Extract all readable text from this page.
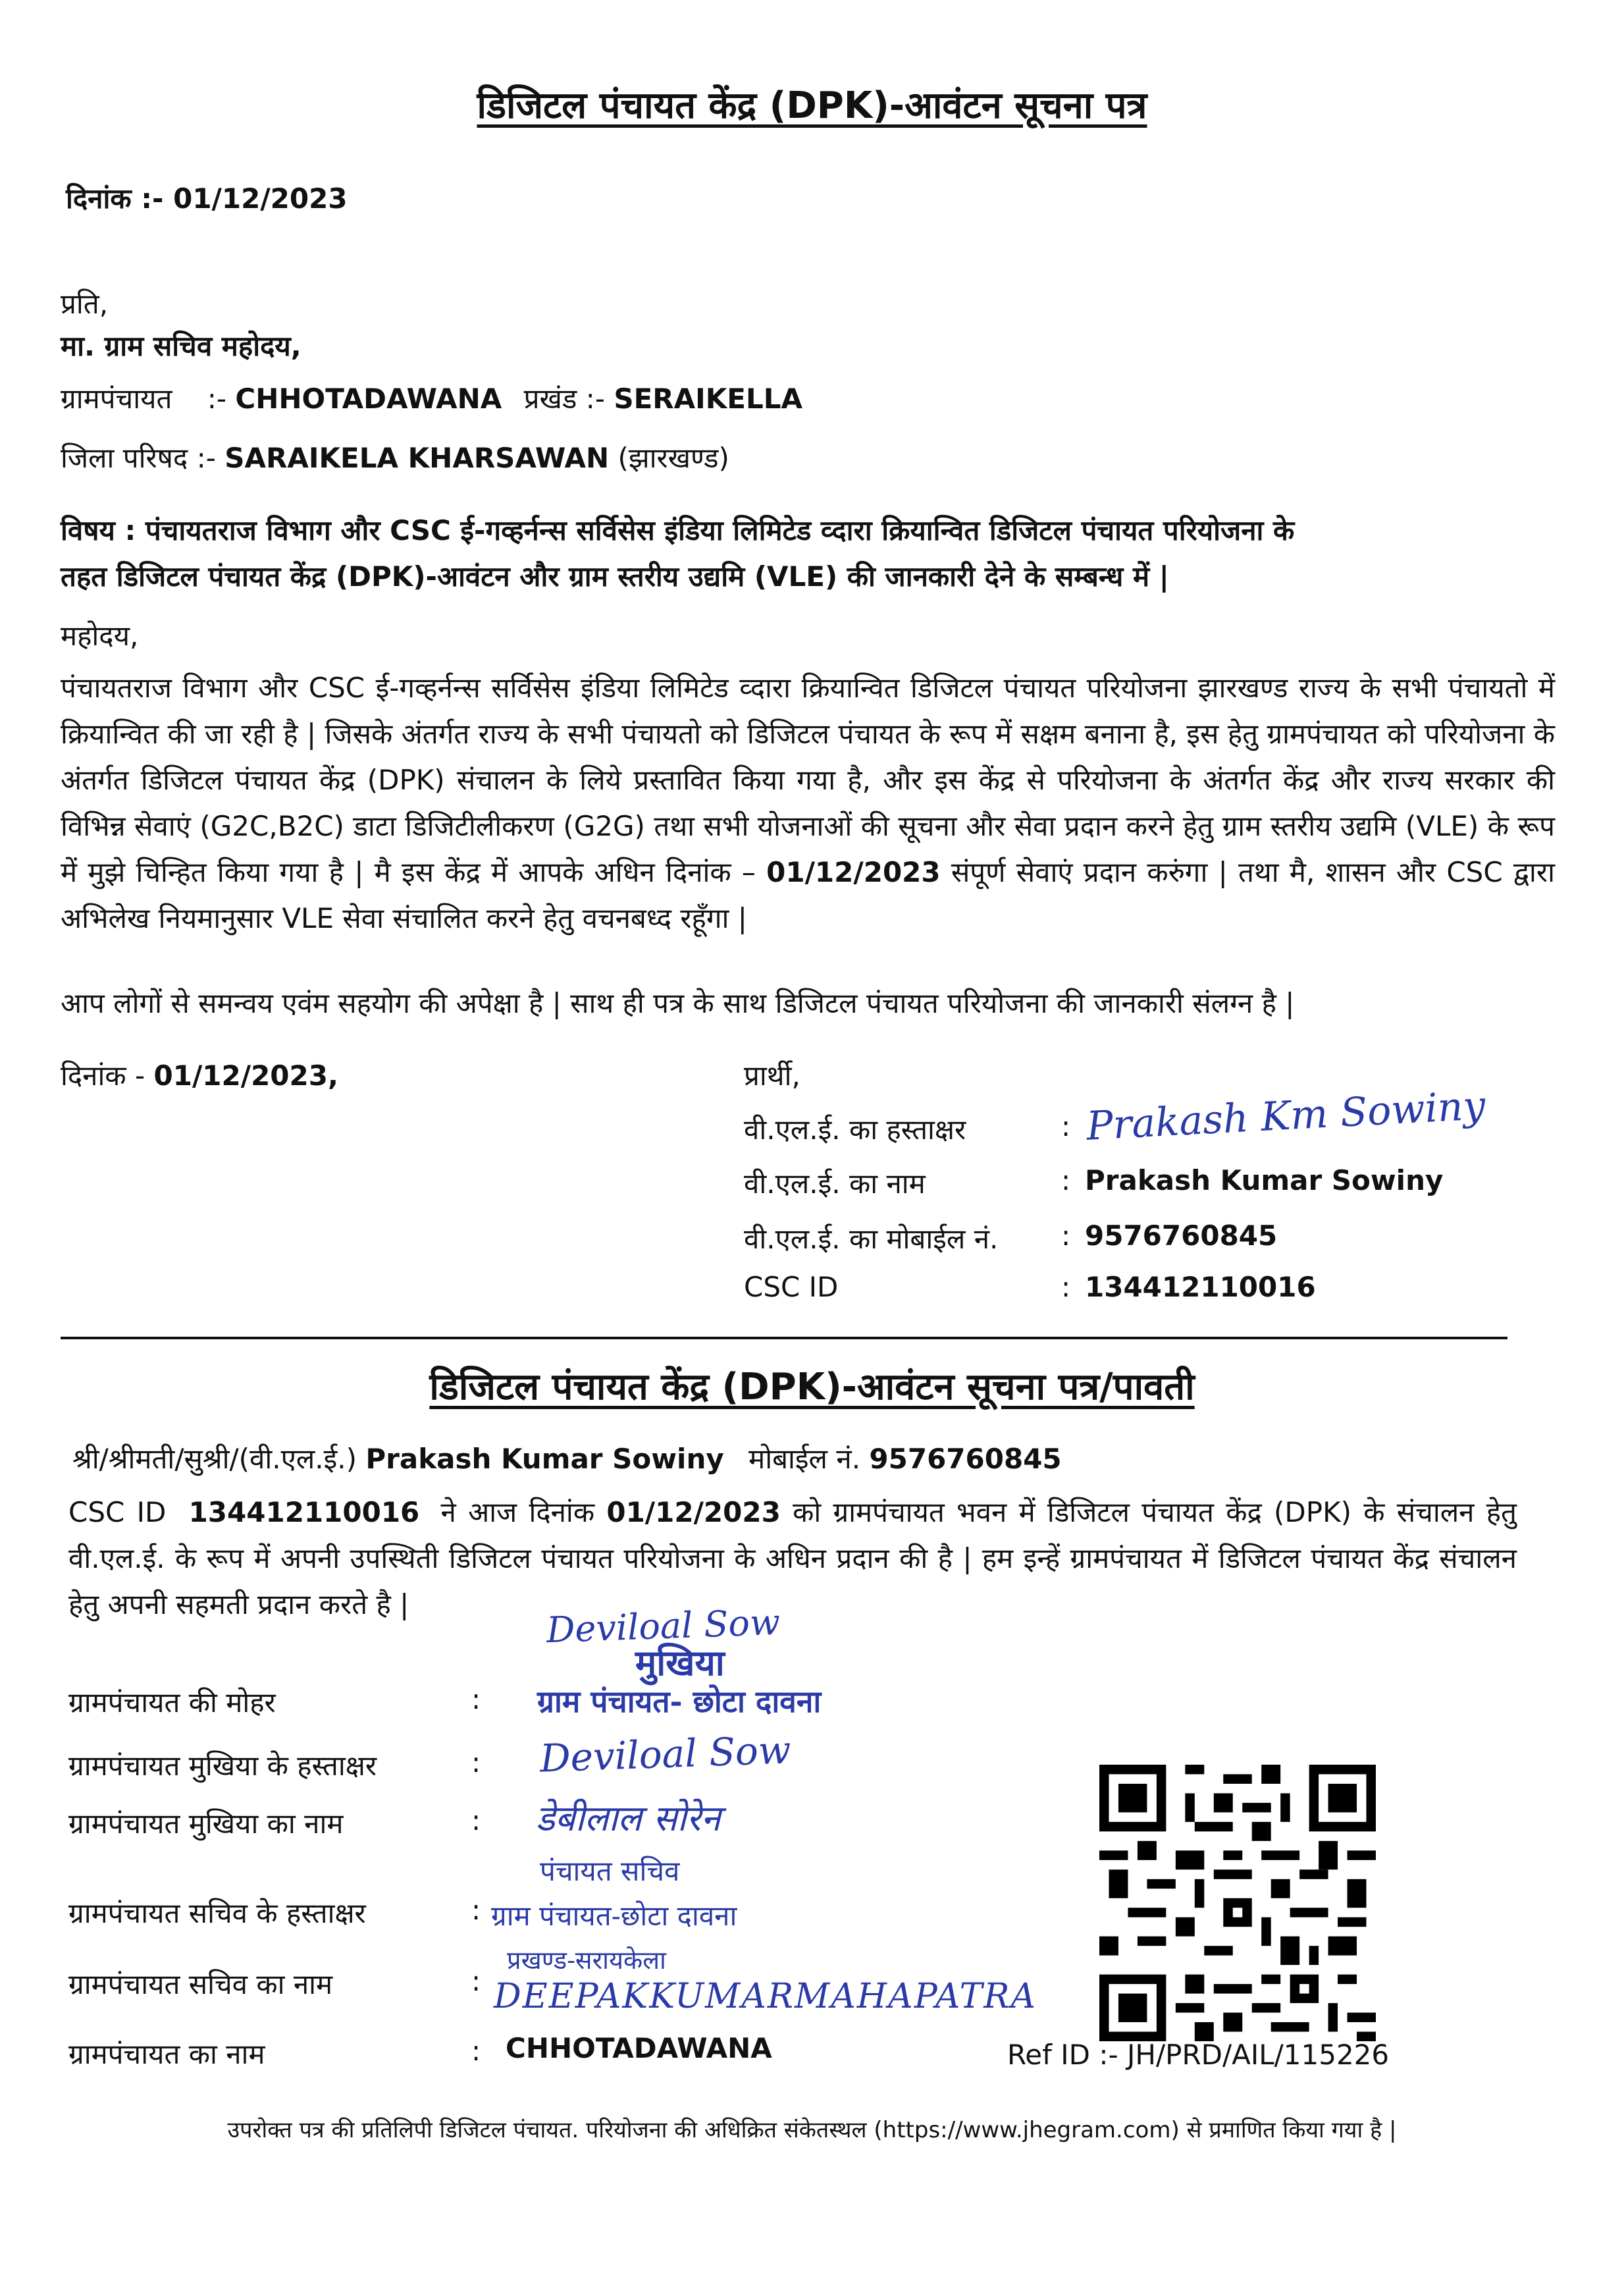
डिजिटल पंचायत केंद्र (DPK)-आवंटन सूचना पत्र
दिनांक :- 01/12/2023
प्रति,
मा. ग्राम सचिव महोदय,
ग्रामपंचायत :- CHHOTADAWANA प्रखंड :- SERAIKELLA
जिला परिषद :- SARAIKELA KHARSAWAN (झारखण्ड)
विषय : पंचायतराज विभाग और CSC ई-गव्हर्नन्स सर्विसेस इंडिया लिमिटेड व्दारा क्रियान्वित डिजिटल पंचायत परियोजना के
तहत डिजिटल पंचायत केंद्र (DPK)-आवंटन और ग्राम स्तरीय उद्यमि (VLE) की जानकारी देने के सम्बन्ध में |
महोदय,
पंचायतराज विभाग और CSC ई-गव्हर्नन्स सर्विसेस इंडिया लिमिटेड व्दारा क्रियान्वित डिजिटल पंचायत परियोजना झारखण्ड राज्य के सभी पंचायतो में क्रियान्वित की जा रही है | जिसके अंतर्गत राज्य के सभी पंचायतो को डिजिटल पंचायत के रूप में सक्षम बनाना है, इस हेतु ग्रामपंचायत को परियोजना के अंतर्गत डिजिटल पंचायत केंद्र (DPK) संचालन के लिये प्रस्तावित किया गया है, और इस केंद्र से परियोजना के अंतर्गत केंद्र और राज्य सरकार की विभिन्न सेवाएं (G2C,B2C) डाटा डिजिटीलीकरण (G2G) तथा सभी योजनाओं की सूचना और सेवा प्रदान करने हेतु ग्राम स्तरीय उद्यमि (VLE) के रूप में मुझे चिन्हित किया गया है | मै इस केंद्र में आपके अधिन दिनांक – 01/12/2023 संपूर्ण सेवाएं प्रदान करुंगा | तथा मै, शासन और CSC द्वारा अभिलेख नियमानुसार VLE सेवा संचालित करने हेतु वचनबध्द रहूँगा |
आप लोगों से समन्वय एवंम सहयोग की अपेक्षा है | साथ ही पत्र के साथ डिजिटल पंचायत परियोजना की जानकारी संलग्न है |
दिनांक - 01/12/2023,	प्रार्थी,
वी.एल.ई. का हस्ताक्षर	: Prakash Km Sowiny
वी.एल.ई. का नाम	: Prakash Kumar Sowiny
वी.एल.ई. का मोबाईल नं. : 9576760845
CSC ID	: 134412110016
डिजिटल पंचायत केंद्र (DPK)-आवंटन सूचना पत्र/पावती
श्री/श्रीमती/सुश्री/(वी.एल.ई.) Prakash Kumar Sowiny मोबाईल नं. 9576760845
CSC ID 134412110016 ने आज दिनांक 01/12/2023 को ग्रामपंचायत भवन में डिजिटल पंचायत केंद्र (DPK) के संचालन हेतु वी.एल.ई. के रूप में अपनी उपस्थिती डिजिटल पंचायत परियोजना के अधिन प्रदान की है | हम इन्हें ग्रामपंचायत में डिजिटल पंचायत केंद्र संचालन हेतु अपनी सहमती प्रदान करते है |	Deviloal Sow
मुखिया
ग्रामपंचायत की मोहर	: ग्राम पंचायत- छोटा दावना
ग्रामपंचायत मुखिया के हस्ताक्षर	: Deviloal Sow
ग्रामपंचायत मुखिया का नाम	: डेबीलाल सोरेन
पंचायत सचिव
ग्रामपंचायत सचिव के हस्ताक्षर	: ग्राम पंचायत-छोटा दावना
प्रखण्ड-सरायकेला
ग्रामपंचायत सचिव का नाम	: DEEPAKKUMARMAHAPATRA
ग्रामपंचायत का नाम	: CHHOTADAWANA	Ref ID :- JH/PRD/AIL/115226
उपरोक्त पत्र की प्रतिलिपी डिजिटल पंचायत. परियोजना की अधिक्रित संकेतस्थल (https://www.jhegram.com) से प्रमाणित किया गया है |
